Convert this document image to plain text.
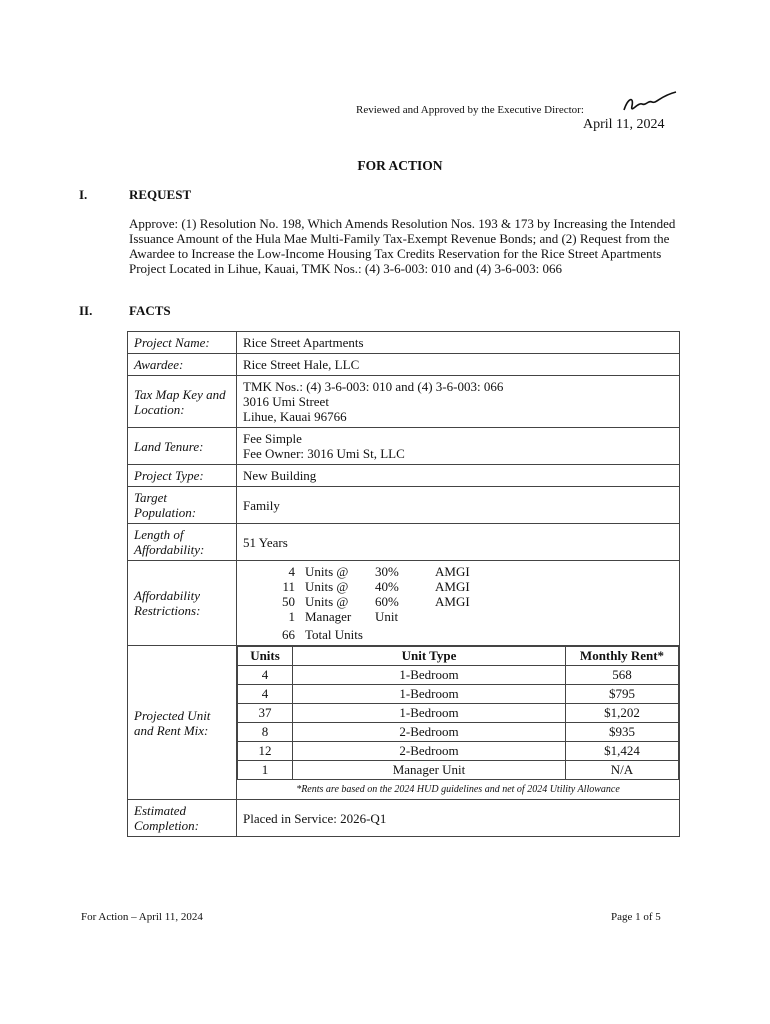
Reviewed and Approved by the Executive Director:
April 11, 2024
FOR ACTION
I.	REQUEST
Approve: (1) Resolution No. 198, Which Amends Resolution Nos. 193 & 173 by Increasing the Intended Issuance Amount of the Hula Mae Multi-Family Tax-Exempt Revenue Bonds; and (2) Request from the Awardee to Increase the Low-Income Housing Tax Credits Reservation for the Rice Street Apartments Project Located in Lihue, Kauai, TMK Nos.: (4) 3-6-003: 010 and (4) 3-6-003: 066
II.	FACTS
Project Name:	Rice Street Apartments
Awardee:	Rice Street Hale, LLC
Tax Map Key and Location:	
TMK Nos.: (4) 3-6-003: 010 and (4) 3-6-003: 066
3016 Umi Street
Lihue, Kauai 96766

Land Tenure:	Fee Simple
Fee Owner: 3016 Umi St, LLC

Project Type:	New Building
Target Population:	Family
Length of Affordability:	51 Years
Affordability Restrictions:	
4 Units @	30%	AMGI
11 Units @	40%	AMGI
50 Units @	60%	AMGI
1 Manager	Unit
66 Total Units

Projected Unit and Rent Mix:	
Units	Unit Type	Monthly Rent*
4	1-Bedroom	568
4	1-Bedroom	$795
37	1-Bedroom	$1,202
8	2-Bedroom	$935
12	2-Bedroom	$1,424
1	Manager Unit	N/A
*Rents are based on the 2024 HUD guidelines and net of 2024 Utility Allowance

Estimated Completion:	Placed in Service: 2026-Q1
For Action – April 11, 2024	Page 1 of 5
